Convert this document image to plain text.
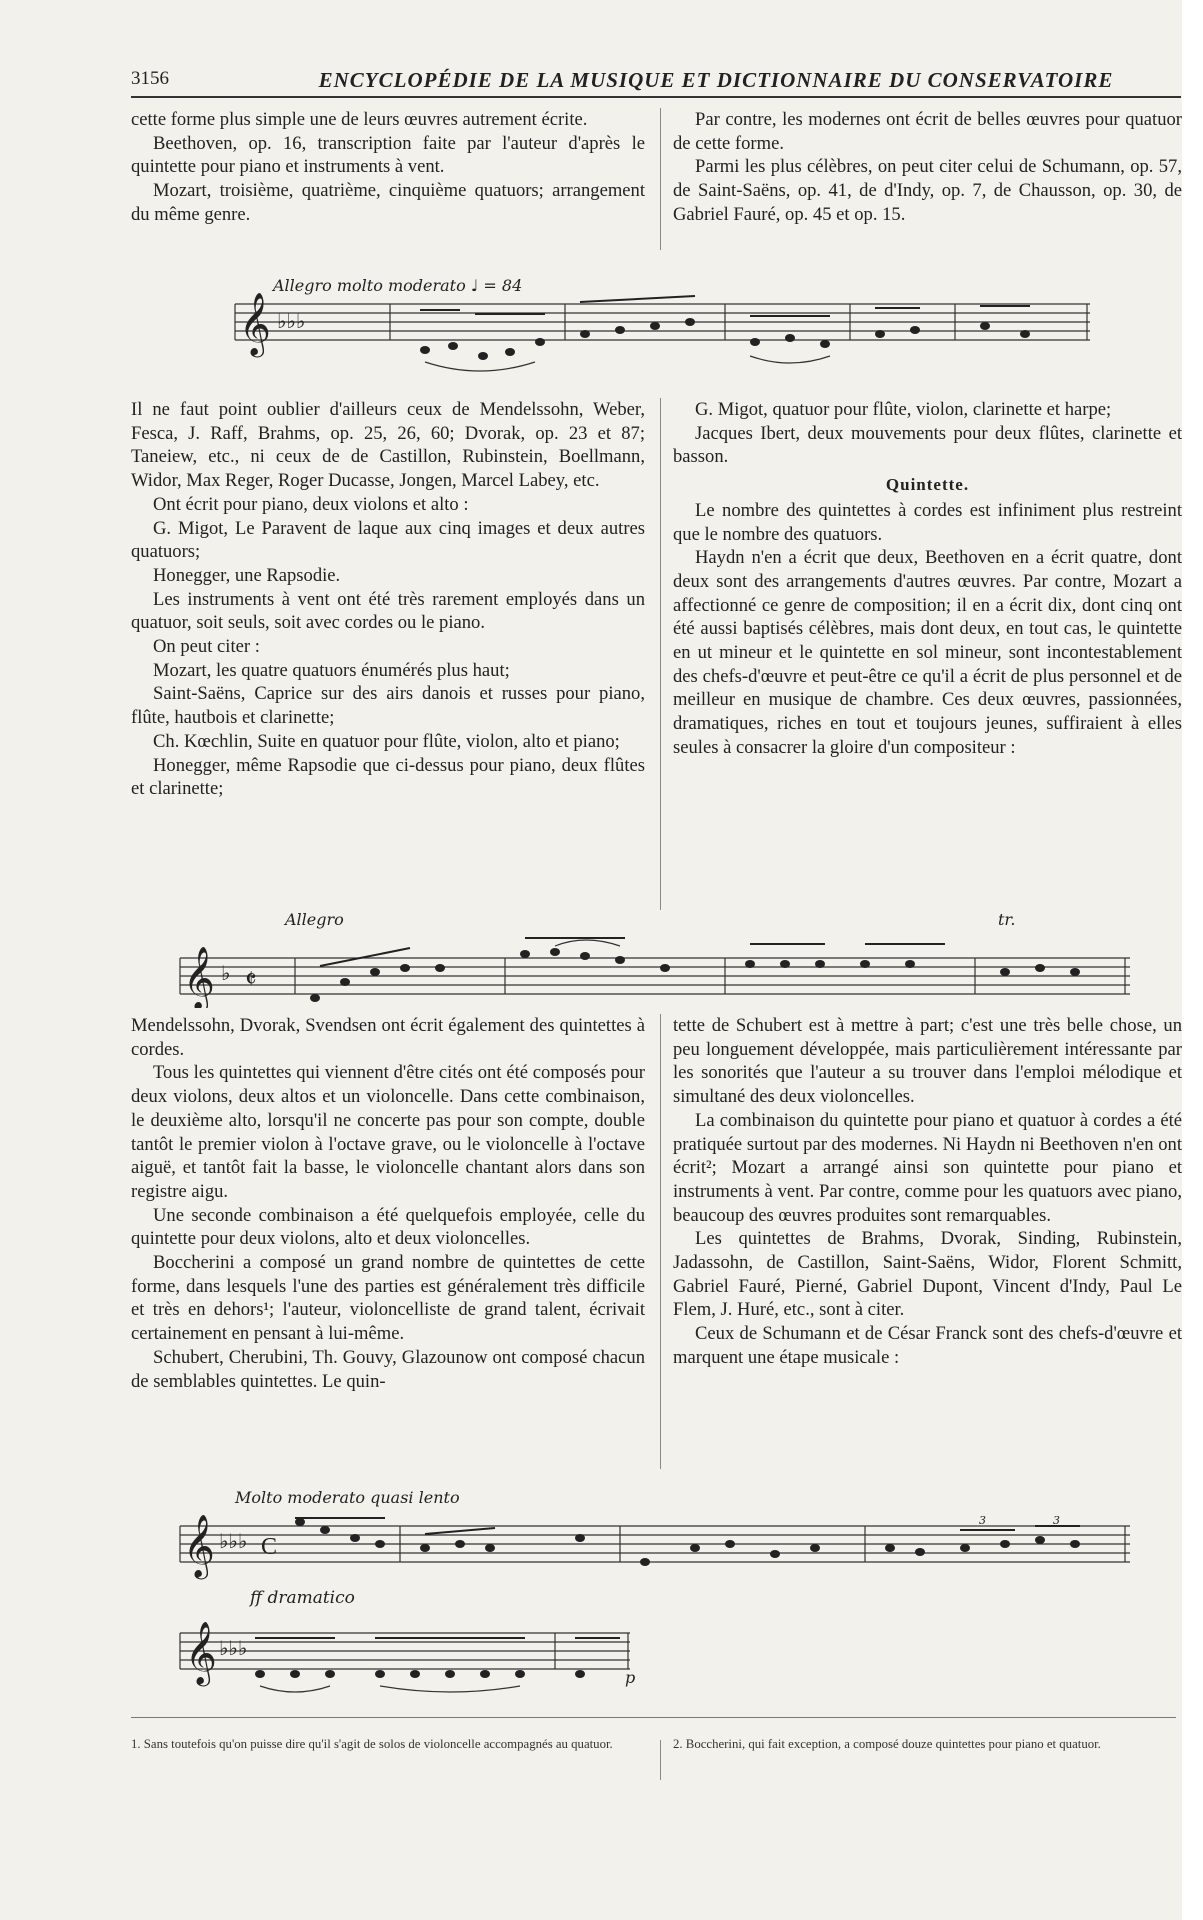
3156	ENCYCLOPÉDIE DE LA MUSIQUE ET DICTIONNAIRE DU CONSERVATOIRE

cette forme plus simple une de leurs œuvres autrement écrite.

Beethoven, op. 16, transcription faite par l'auteur d'après le quintette pour piano et instruments à vent.

Mozart, troisième, quatrième, cinquième quatuors; arrangement du même genre.

Par contre, les modernes ont écrit de belles œuvres pour quatuor de cette forme.

Parmi les plus célèbres, on peut citer celui de Schumann, op. 57, de Saint-Saëns, op. 41, de d'Indy, op. 7, de Chausson, op. 30, de Gabriel Fauré, op. 45 et op. 15.

Allegro molto moderato ♩ = 84
𝄞 ♭♭♭

Il ne faut point oublier d'ailleurs ceux de Mendelssohn, Weber, Fesca, J. Raff, Brahms, op. 25, 26, 60; Dvorak, op. 23 et 87; Taneiew, etc., ni ceux de de Castillon, Rubinstein, Boellmann, Widor, Max Reger, Roger Ducasse, Jongen, Marcel Labey, etc.

Ont écrit pour piano, deux violons et alto :

G. Migot, Le Paravent de laque aux cinq images et deux autres quatuors;

Honegger, une Rapsodie.

Les instruments à vent ont été très rarement employés dans un quatuor, soit seuls, soit avec cordes ou le piano.

On peut citer :

Mozart, les quatre quatuors énumérés plus haut;

Saint-Saëns, Caprice sur des airs danois et russes pour piano, flûte, hautbois et clarinette;

Ch. Kœchlin, Suite en quatuor pour flûte, violon, alto et piano;

Honegger, même Rapsodie que ci-dessus pour piano, deux flûtes et clarinette;

G. Migot, quatuor pour flûte, violon, clarinette et harpe;

Jacques Ibert, deux mouvements pour deux flûtes, clarinette et basson.

Quintette.

Le nombre des quintettes à cordes est infiniment plus restreint que le nombre des quatuors.

Haydn n'en a écrit que deux, Beethoven en a écrit quatre, dont deux sont des arrangements d'autres œuvres. Par contre, Mozart a affectionné ce genre de composition; il en a écrit dix, dont cinq ont été aussi baptisés célèbres, mais dont deux, en tout cas, le quintette en ut mineur et le quintette en sol mineur, sont incontestablement des chefs-d'œuvre et peut-être ce qu'il a écrit de plus personnel et de meilleur en musique de chambre. Ces deux œuvres, passionnées, dramatiques, riches en tout et toujours jeunes, suffiraient à elles seules à consacrer la gloire d'un compositeur :

Allegro	tr.
𝄞 ♭ 𝄵

Mendelssohn, Dvorak, Svendsen ont écrit également des quintettes à cordes.

Tous les quintettes qui viennent d'être cités ont été composés pour deux violons, deux altos et un violoncelle. Dans cette combinaison, le deuxième alto, lorsqu'il ne concerte pas pour son compte, double tantôt le premier violon à l'octave grave, ou le violoncelle à l'octave aiguë, et tantôt fait la basse, le violoncelle chantant alors dans son registre aigu.

Une seconde combinaison a été quelquefois employée, celle du quintette pour deux violons, alto et deux violoncelles.

Boccherini a composé un grand nombre de quintettes de cette forme, dans lesquels l'une des parties est généralement très difficile et très en dehors¹; l'auteur, violoncelliste de grand talent, écrivait certainement en pensant à lui-même.

Schubert, Cherubini, Th. Gouvy, Glazounow ont composé chacun de semblables quintettes. Le quin-

tette de Schubert est à mettre à part; c'est une très belle chose, un peu longuement développée, mais particulièrement intéressante par les sonorités que l'auteur a su trouver dans l'emploi mélodique et simultané des deux violoncelles.

La combinaison du quintette pour piano et quatuor à cordes a été pratiquée surtout par des modernes. Ni Haydn ni Beethoven n'en ont écrit²; Mozart a arrangé ainsi son quintette pour piano et instruments à vent. Par contre, comme pour les quatuors avec piano, beaucoup des œuvres produites sont remarquables.

Les quintettes de Brahms, Dvorak, Sinding, Rubinstein, Jadassohn, de Castillon, Saint-Saëns, Widor, Florent Schmitt, Gabriel Fauré, Pierné, Gabriel Dupont, Vincent d'Indy, Paul Le Flem, J. Huré, etc., sont à citer.

Ceux de Schumann et de César Franck sont des chefs-d'œuvre et marquent une étape musicale :

Molto moderato quasi lento
ff dramatico
3	3
p
𝄞 ♭♭♭ C
𝄞 ♭♭♭
1. Sans toutefois qu'on puisse dire qu'il s'agit de solos de violoncelle accompagnés au quatuor.	2. Boccherini, qui fait exception, a composé douze quintettes pour piano et quatuor.
